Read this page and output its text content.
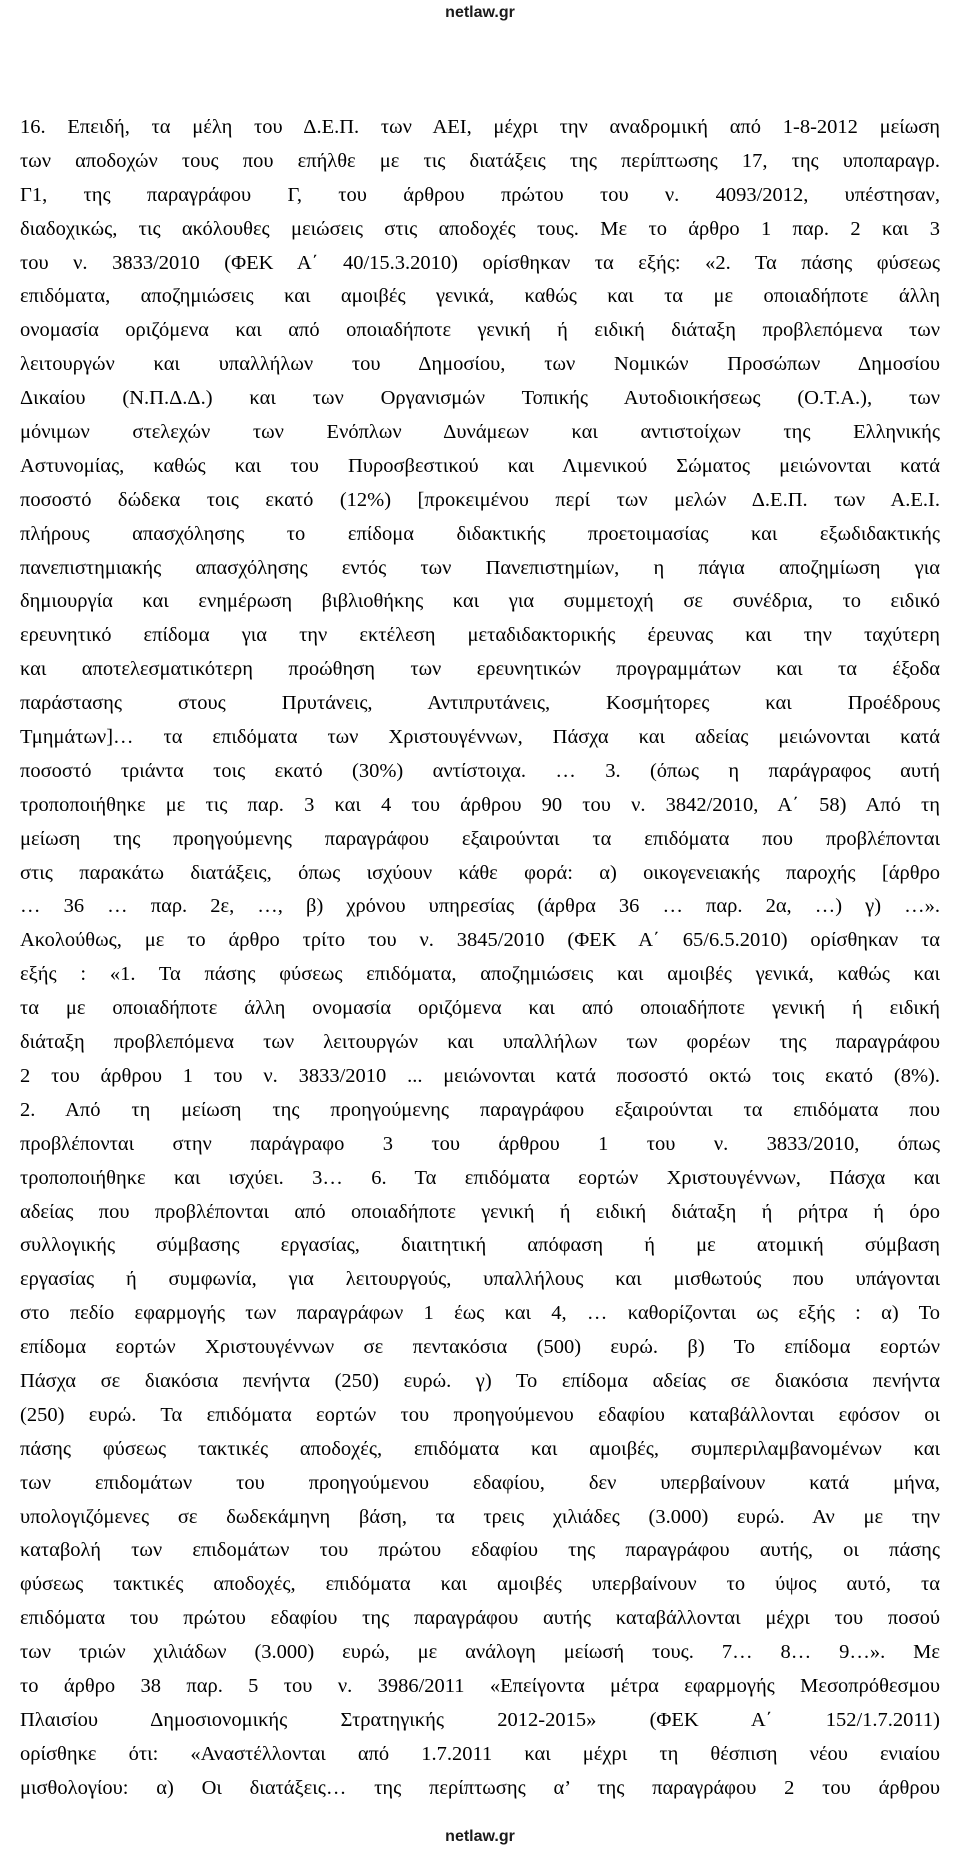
netlaw.gr
16. Επειδή, τα μέλη του Δ.Ε.Π. των ΑΕΙ, μέχρι την αναδρομική από 1-8-2012 μείωση
των αποδοχών τους που επήλθε με τις διατάξεις της περίπτωσης 17, της υποπαραγρ.
Γ1, της παραγράφου Γ, του άρθρου πρώτου του ν. 4093/2012, υπέστησαν,
διαδοχικώς, τις ακόλουθες μειώσεις στις αποδοχές τους. Με το άρθρο 1 παρ. 2 και 3
του ν. 3833/2010 (ΦΕΚ Α΄ 40/15.3.2010) ορίσθηκαν τα εξής: «2. Τα πάσης φύσεως
επιδόματα, αποζημιώσεις και αμοιβές γενικά, καθώς και τα με οποιαδήποτε άλλη
ονομασία οριζόμενα και από οποιαδήποτε γενική ή ειδική διάταξη προβλεπόμενα των
λειτουργών και υπαλλήλων του Δημοσίου, των Νομικών Προσώπων Δημοσίου
Δικαίου (Ν.Π.Δ.Δ.) και των Οργανισμών Τοπικής Αυτοδιοικήσεως (Ο.Τ.Α.), των
μόνιμων στελεχών των Ενόπλων Δυνάμεων και αντιστοίχων της Ελληνικής
Αστυνομίας, καθώς και του Πυροσβεστικού και Λιμενικού Σώματος μειώνονται κατά
ποσοστό δώδεκα τοις εκατό (12%) [προκειμένου περί των μελών Δ.Ε.Π. των Α.Ε.Ι.
πλήρους απασχόλησης το επίδομα διδακτικής προετοιμασίας και εξωδιδακτικής
πανεπιστημιακής απασχόλησης εντός των Πανεπιστημίων, η πάγια αποζημίωση για
δημιουργία και ενημέρωση βιβλιοθήκης και για συμμετοχή σε συνέδρια, το ειδικό
ερευνητικό επίδομα για την εκτέλεση μεταδιδακτορικής έρευνας και την ταχύτερη
και αποτελεσματικότερη προώθηση των ερευνητικών προγραμμάτων και τα έξοδα
παράστασης στους Πρυτάνεις, Αντιπρυτάνεις, Κοσμήτορες και Προέδρους
Τμημάτων]… τα επιδόματα των Χριστουγέννων, Πάσχα και αδείας μειώνονται κατά
ποσοστό τριάντα τοις εκατό (30%) αντίστοιχα. … 3. (όπως η παράγραφος αυτή
τροποποιήθηκε με τις παρ. 3 και 4 του άρθρου 90 του ν. 3842/2010, Α΄ 58) Από τη
μείωση της προηγούμενης παραγράφου εξαιρούνται τα επιδόματα που προβλέπονται
στις παρακάτω διατάξεις, όπως ισχύουν κάθε φορά: α) οικογενειακής παροχής [άρθρο
… 36 … παρ. 2ε, …, β) χρόνου υπηρεσίας (άρθρα 36 … παρ. 2α, …) γ) …».
Ακολούθως, με το άρθρο τρίτο του ν. 3845/2010 (ΦΕΚ Α΄ 65/6.5.2010) ορίσθηκαν τα
εξής : «1. Τα πάσης φύσεως επιδόματα, αποζημιώσεις και αμοιβές γενικά, καθώς και
τα με οποιαδήποτε άλλη ονομασία οριζόμενα και από οποιαδήποτε γενική ή ειδική
διάταξη προβλεπόμενα των λειτουργών και υπαλλήλων των φορέων της παραγράφου
2 του άρθρου 1 του ν. 3833/2010 ... μειώνονται κατά ποσοστό οκτώ τοις εκατό (8%).
2. Από τη μείωση της προηγούμενης παραγράφου εξαιρούνται τα επιδόματα που
προβλέπονται στην παράγραφο 3 του άρθρου 1 του ν. 3833/2010, όπως
τροποποιήθηκε και ισχύει. 3… 6. Τα επιδόματα εορτών Χριστουγέννων, Πάσχα και
αδείας που προβλέπονται από οποιαδήποτε γενική ή ειδική διάταξη ή ρήτρα ή όρο
συλλογικής σύμβασης εργασίας, διαιτητική απόφαση ή με ατομική σύμβαση
εργασίας ή συμφωνία, για λειτουργούς, υπαλλήλους και μισθωτούς που υπάγονται
στο πεδίο εφαρμογής των παραγράφων 1 έως και 4, … καθορίζονται ως εξής : α) Το
επίδομα εορτών Χριστουγέννων σε πεντακόσια (500) ευρώ. β) Το επίδομα εορτών
Πάσχα σε διακόσια πενήντα (250) ευρώ. γ) Το επίδομα αδείας σε διακόσια πενήντα
(250) ευρώ. Τα επιδόματα εορτών του προηγούμενου εδαφίου καταβάλλονται εφόσον οι
πάσης φύσεως τακτικές αποδοχές, επιδόματα και αμοιβές, συμπεριλαμβανομένων και
των επιδομάτων του προηγούμενου εδαφίου, δεν υπερβαίνουν κατά μήνα,
υπολογιζόμενες σε δωδεκάμηνη βάση, τα τρεις χιλιάδες (3.000) ευρώ. Αν με την
καταβολή των επιδομάτων του πρώτου εδαφίου της παραγράφου αυτής, οι πάσης
φύσεως τακτικές αποδοχές, επιδόματα και αμοιβές υπερβαίνουν το ύψος αυτό, τα
επιδόματα του πρώτου εδαφίου της παραγράφου αυτής καταβάλλονται μέχρι του ποσού
των τριών χιλιάδων (3.000) ευρώ, με ανάλογη μείωσή τους. 7… 8… 9…». Με
το άρθρο 38 παρ. 5 του ν. 3986/2011 «Επείγοντα μέτρα εφαρμογής Μεσοπρόθεσμου
Πλαισίου Δημοσιονομικής Στρατηγικής 2012-2015» (ΦΕΚ Α΄ 152/1.7.2011)
ορίσθηκε ότι: «Αναστέλλονται από 1.7.2011 και μέχρι τη θέσπιση νέου ενιαίου
μισθολογίου: α) Οι διατάξεις… της περίπτωσης α’ της παραγράφου 2 του άρθρου
netlaw.gr
